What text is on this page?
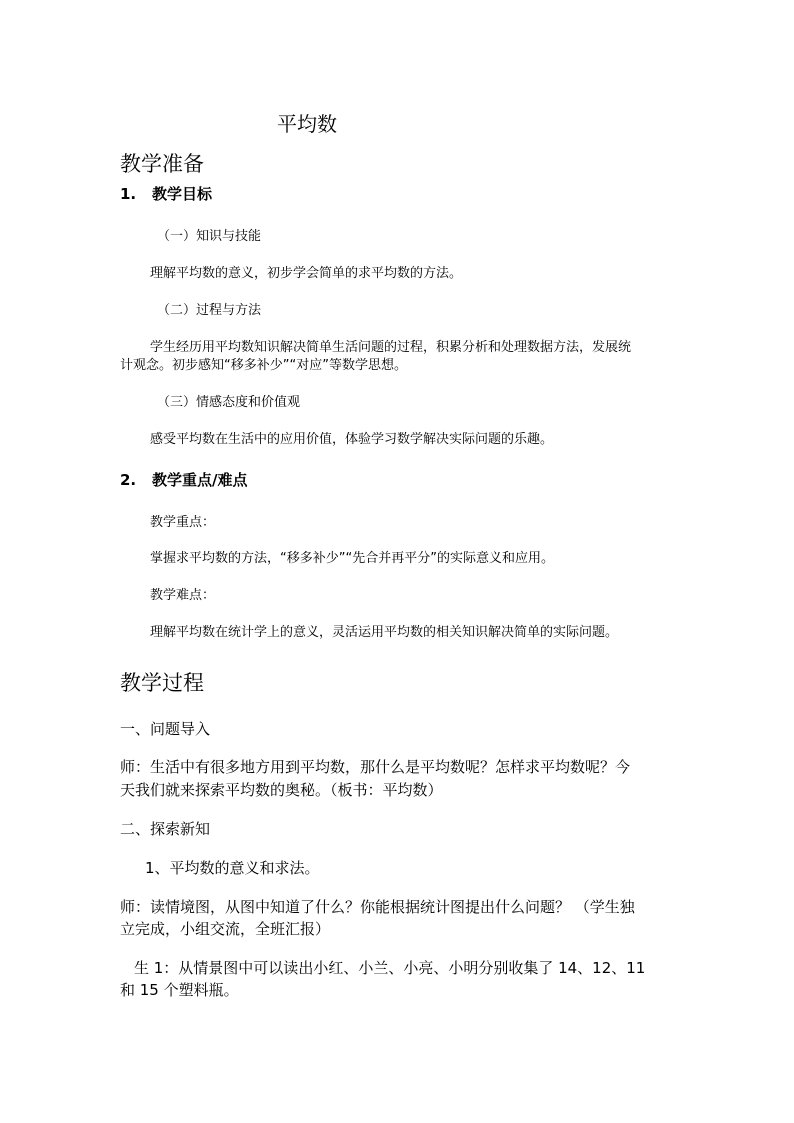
平均数
教学准备
1. 教学目标
（一）知识与技能
理解平均数的意义，初步学会简单的求平均数的方法。
（二）过程与方法
学生经历用平均数知识解决简单生活问题的过程，积累分析和处理数据方法，发展统
计观念。初步感知“移多补少”“对应”等数学思想。
（三）情感态度和价值观
感受平均数在生活中的应用价值，体验学习数学解决实际问题的乐趣。
2. 教学重点/难点
教学重点：
掌握求平均数的方法，“移多补少”“先合并再平分”的实际意义和应用。
教学难点：
理解平均数在统计学上的意义，灵活运用平均数的相关知识解决简单的实际问题。
教学过程
一、问题导入
师：生活中有很多地方用到平均数，那什么是平均数呢？怎样求平均数呢？今
天我们就来探索平均数的奥秘。（板书：平均数）
二、探索新知
1、平均数的意义和求法。
师：读情境图，从图中知道了什么？你能根据统计图提出什么问题？ （学生独
立完成，小组交流，全班汇报）
生 1：从情景图中可以读出小红、小兰、小亮、小明分别收集了 14、12、11
和 15 个塑料瓶。
